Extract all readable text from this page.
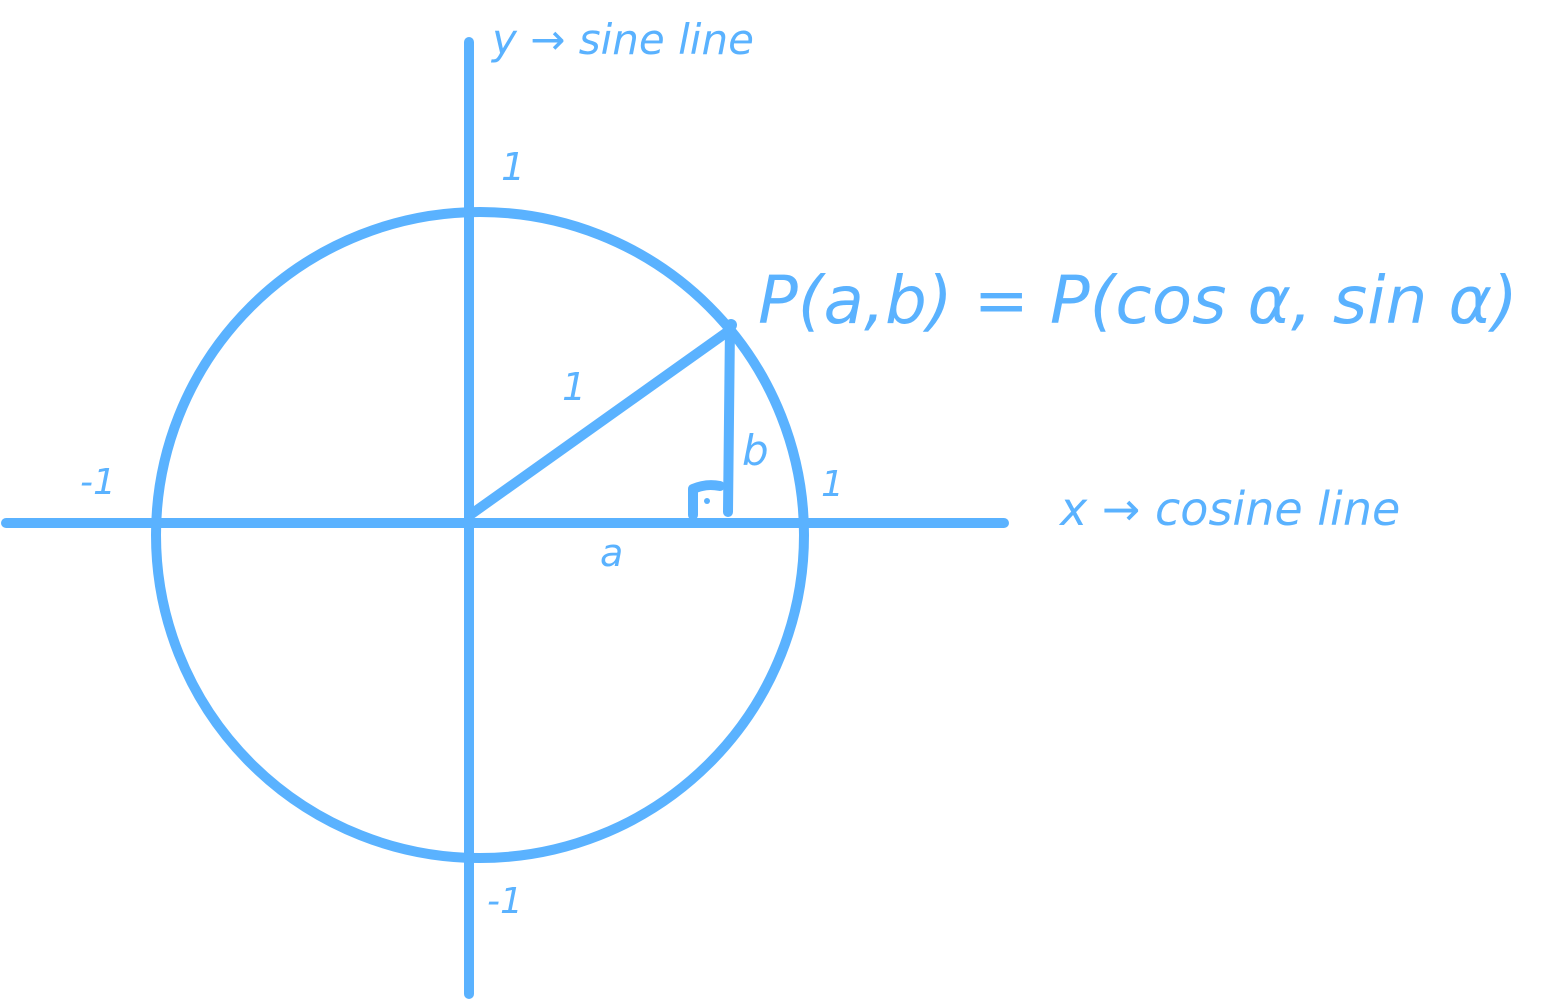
y → sine line
x → cosine line
1
1
-1
-1
1
a
b
P(a,b) = P(cos α, sin α)
